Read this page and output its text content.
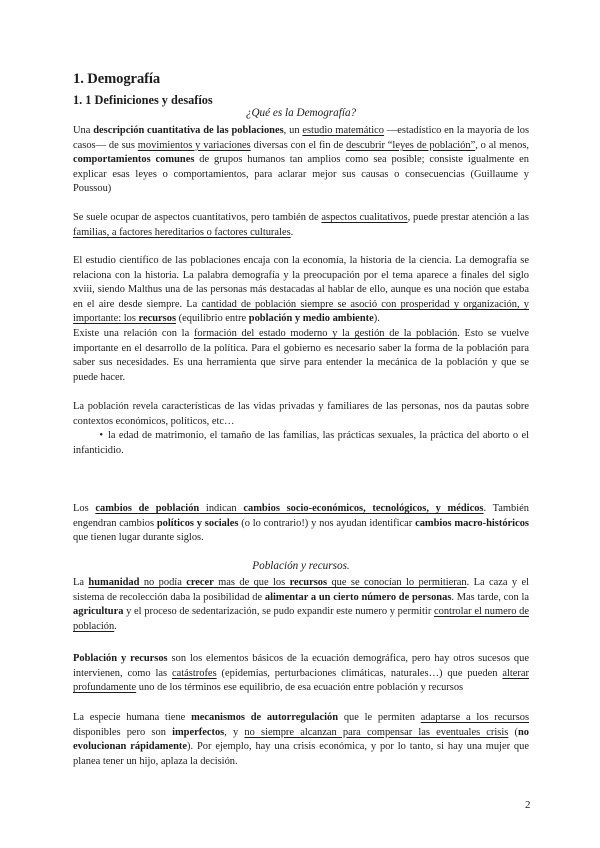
1. Demografía
1. 1 Definiciones y desafíos

¿Qué es la Demografía?

Una descripción cuantitativa de las poblaciones, un estudio matemático —estadístico en la mayoría de los casos— de sus movimientos y variaciones diversas con el fin de descubrir “leyes de población”, o al menos, comportamientos comunes de grupos humanos tan amplios como sea posible; consiste igualmente en explicar esas leyes o comportamientos, para aclarar mejor sus causas o consecuencias (Guillaume y Poussou)

Se suele ocupar de aspectos cuantitativos, pero también de aspectos cualitativos, puede prestar atención a las familias, a factores hereditarios o factores culturales.

El estudio científico de las poblaciones encaja con la economía, la historia de la ciencia. La demografía se relaciona con la historia. La palabra demografía y la preocupación por el tema aparece a finales del siglo xviii, siendo Malthus una de las personas más destacadas al hablar de ello, aunque es una noción que estaba en el aire desde siempre. La cantidad de población siempre se asoció con prosperidad y organización, y importante: los recursos (equilibrio entre población y medio ambiente).

Existe una relación con la formación del estado moderno y la gestión de la población. Esto se vuelve importante en el desarrollo de la política. Para el gobierno es necesario saber la forma de la población para saber sus necesidades. Es una herramienta que sirve para entender la mecánica de la población y que se puede hacer.

La población revela características de las vidas privadas y familiares de las personas, nos da pautas sobre contextos económicos, políticos, etc…

• la edad de matrimonio, el tamaño de las familias, las prácticas sexuales, la práctica del aborto o el infanticidio.

Los cambios de población indican cambios socio-económicos, tecnológicos, y médicos. También engendran cambios políticos y sociales (o lo contrario!) y nos ayudan identificar cambios macro-históricos que tienen lugar durante siglos.

Población y recursos.

La humanidad no podía crecer mas de que los recursos que se conocían lo permitieran. La caza y el sistema de recolección daba la posibilidad de alimentar a un cierto número de personas. Mas tarde, con la agricultura y el proceso de sedentarización, se pudo expandir este numero y permitir controlar el numero de población.

Población y recursos son los elementos básicos de la ecuación demográfica, pero hay otros sucesos que intervienen, como las catástrofes (epidemias, perturbaciones climáticas, naturales…) que pueden alterar profundamente uno de los términos ese equilibrio, de esa ecuación entre población y recursos

La especie humana tiene mecanismos de autorregulación que le permiten adaptarse a los recursos disponibles pero son imperfectos, y no siempre alcanzan para compensar las eventuales crisis (no evolucionan rápidamente). Por ejemplo, hay una crisis económica, y por lo tanto, si hay una mujer que planea tener un hijo, aplaza la decisión.

2
